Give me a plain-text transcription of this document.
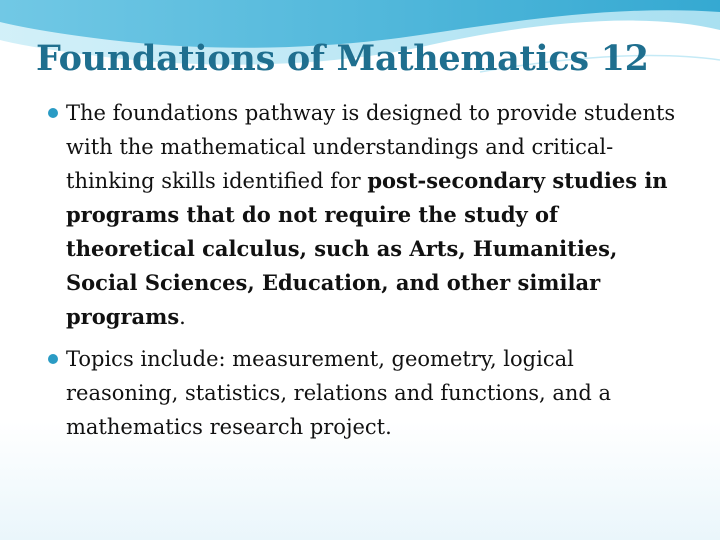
Foundations of Mathematics 12
The foundations pathway is designed to provide students with the mathematical understandings and critical-thinking skills identified for post-secondary studies in programs that do not require the study of theoretical calculus, such as Arts, Humanities, Social Sciences, Education, and other similar programs.
Topics include: measurement, geometry, logical reasoning, statistics, relations and functions, and a mathematics research project.
